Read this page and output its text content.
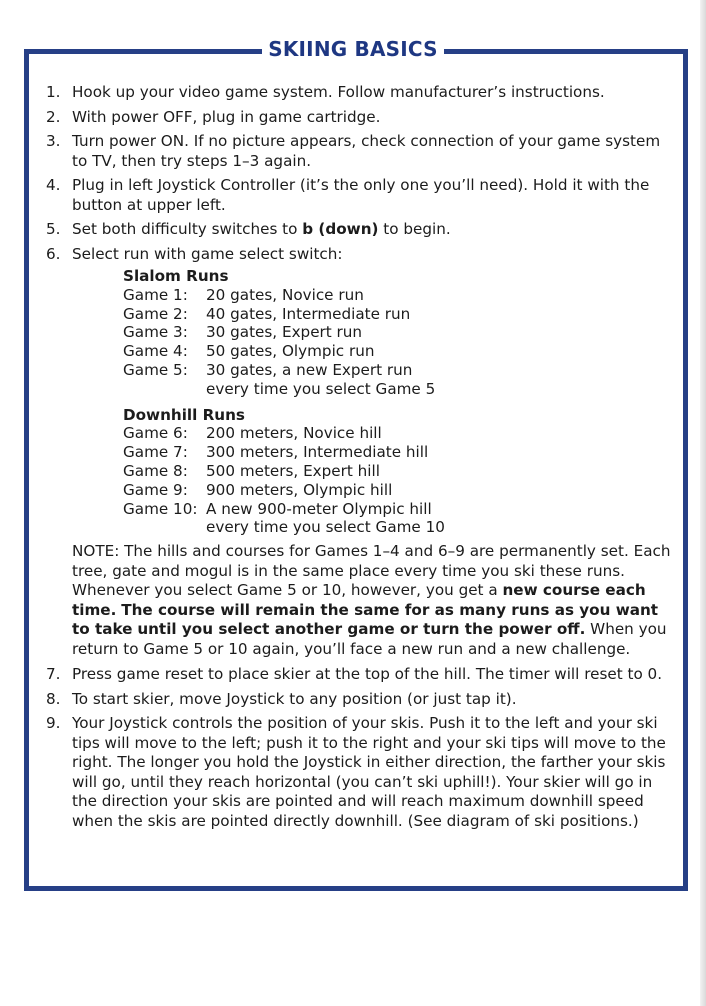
SKIING BASICS
1. Hook up your video game system. Follow manufacturer’s instructions.
2. With power OFF, plug in game cartridge.
3. Turn power ON. If no picture appears, check connection of your game system to TV, then try steps 1–3 again.
4. Plug in left Joystick Controller (it’s the only one you’ll need). Hold it with the button at upper left.
5. Set both difficulty switches to b (down) to begin.
6. Select run with game select switch:
Slalom Runs
Game 1:	20 gates, Novice run
Game 2:	40 gates, Intermediate run
Game 3:	30 gates, Expert run
Game 4:	50 gates, Olympic run
Game 5:	30 gates, a new Expert run
every time you select Game 5
Downhill Runs
Game 6:	200 meters, Novice hill
Game 7:	300 meters, Intermediate hill
Game 8:	500 meters, Expert hill
Game 9:	900 meters, Olympic hill
Game 10: A new 900-meter Olympic hill
every time you select Game 10
NOTE: The hills and courses for Games 1–4 and 6–9 are permanently set. Each tree, gate and mogul is in the same place every time you ski these runs. Whenever you select Game 5 or 10, however, you get a new course each time. The course will remain the same for as many runs as you want to take until you select another game or turn the power off. When you return to Game 5 or 10 again, you’ll face a new run and a new challenge.
7. Press game reset to place skier at the top of the hill. The timer will reset to 0.
8. To start skier, move Joystick to any position (or just tap it).
9. Your Joystick controls the position of your skis. Push it to the left and your ski tips will move to the left; push it to the right and your ski tips will move to the right. The longer you hold the Joystick in either direction, the farther your skis will go, until they reach horizontal (you can’t ski uphill!). Your skier will go in the direction your skis are pointed and will reach maximum downhill speed when the skis are pointed directly downhill. (See diagram of ski positions.)
